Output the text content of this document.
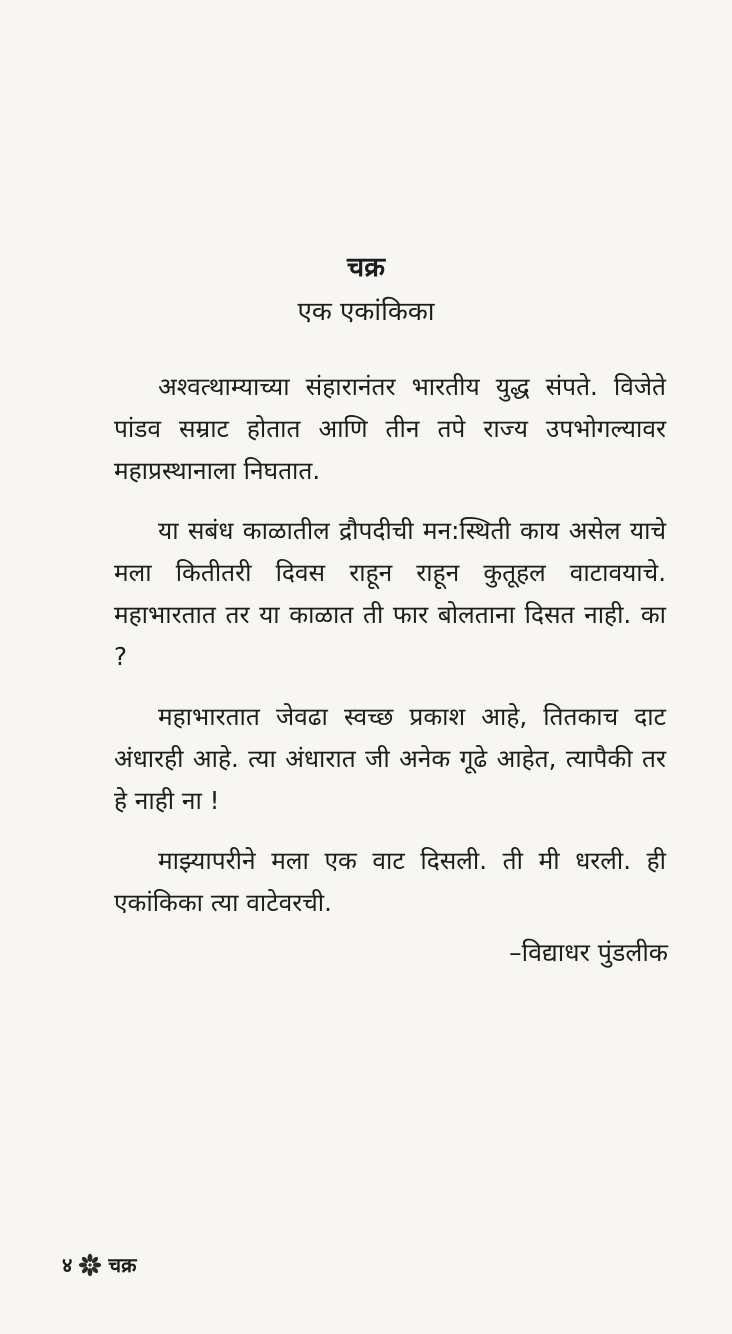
चक्र
एक एकांकिका

अश्वत्थाम्याच्या संहारानंतर भारतीय युद्ध संपते. विजेते पांडव सम्राट होतात आणि तीन तपे राज्य उपभोगल्यावर महाप्रस्थानाला निघतात.

या सबंध काळातील द्रौपदीची मन:स्थिती काय असेल याचे मला कितीतरी दिवस राहून राहून कुतूहल वाटावयाचे. महाभारतात तर या काळात ती फार बोलताना दिसत नाही. का ?

महाभारतात जेवढा स्वच्छ प्रकाश आहे, तितकाच दाट अंधारही आहे. त्या अंधारात जी अनेक गूढे आहेत, त्यापैकी तर हे नाही ना !

माझ्यापरीने मला एक वाट दिसली. ती मी धरली. ही एकांकिका त्या वाटेवरची.

–विद्याधर पुंडलीक
४ चक्र
